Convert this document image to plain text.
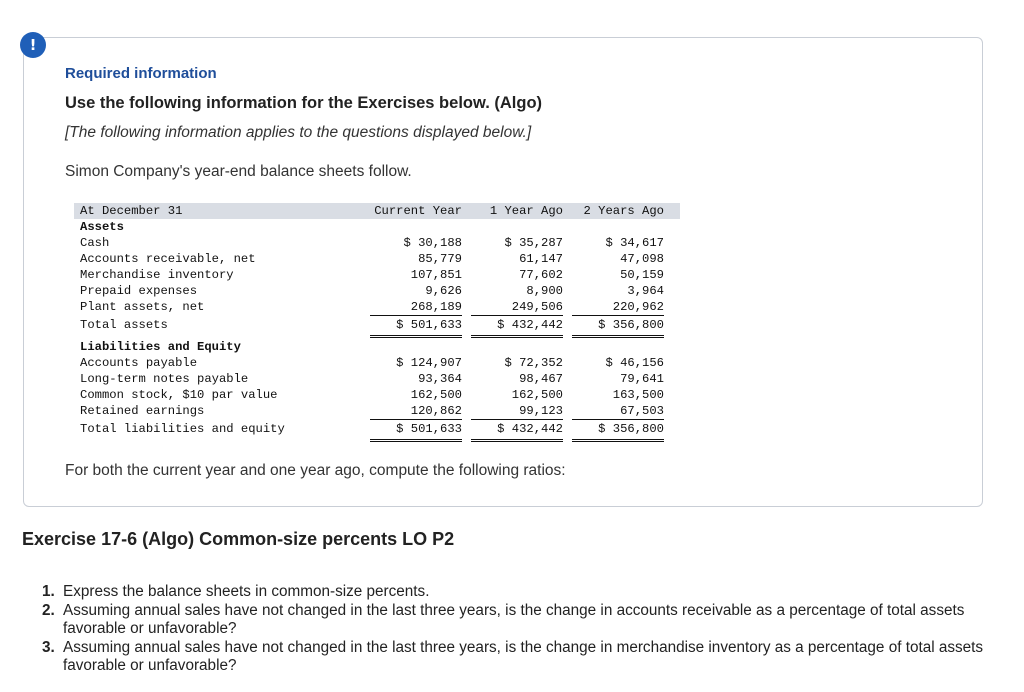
!
Required information
Use the following information for the Exercises below. (Algo)
[The following information applies to the questions displayed below.]
Simon Company's year-end balance sheets follow.
At December 31	Current Year	1 Year Ago	2 Years Ago
Assets
Cash	$ 30,188	$ 35,287	$ 34,617
Accounts receivable, net	85,779	61,147	47,098
Merchandise inventory	107,851	77,602	50,159
Prepaid expenses	9,626	8,900	3,964
Plant assets, net	268,189	249,506	220,962
Total assets	$ 501,633	$ 432,442	$ 356,800
Liabilities and Equity
Accounts payable	$ 124,907	$ 72,352	$ 46,156
Long-term notes payable	93,364	98,467	79,641
Common stock, $10 par value	162,500	162,500	163,500
Retained earnings	120,862	99,123	67,503
Total liabilities and equity	$ 501,633	$ 432,442	$ 356,800
For both the current year and one year ago, compute the following ratios:
Exercise 17-6 (Algo) Common-size percents LO P2
1. Express the balance sheets in common-size percents.
2. Assuming annual sales have not changed in the last three years, is the change in accounts receivable as a percentage of total assets favorable or unfavorable?
3. Assuming annual sales have not changed in the last three years, is the change in merchandise inventory as a percentage of total assets favorable or unfavorable?
